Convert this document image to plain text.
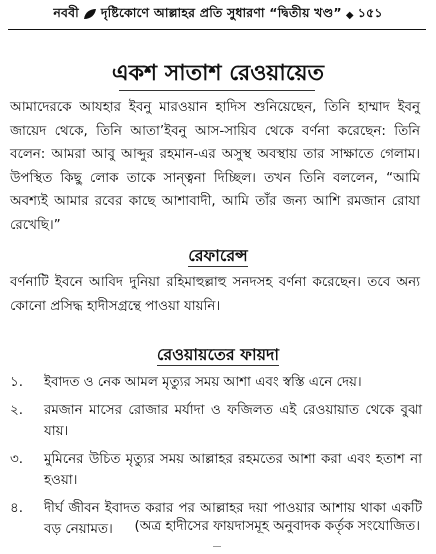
নববী দৃষ্টিকোণে আল্লাহর প্রতি সুধারণা “দ্বিতীয় খণ্ড” ◆ ১৫১
একশ সাতাশ রেওয়ায়েত

আমাদেরকে আযহার ইবনু মারওয়ান হাদিস শুনিয়েছেন, তিনি হাম্মাদ ইবনু জায়েদ থেকে, তিনি আতা’ইবনু আস-সায়িব থেকে বর্ণনা করেছেন: তিনি বলেন: আমরা আবু আব্দুর রহমান-এর অসুস্থ অবস্থায় তার সাক্ষাতে গেলাম। উপস্থিত কিছু লোক তাকে সান্ত্বনা দিচ্ছিল। তখন তিনি বললেন, “আমি অবশ্যই আমার রবের কাছে আশাবাদী, আমি তাঁর জন্য আশি রমজান রোযা রেখেছি।”

রেফারেন্স

বর্ণনাটি ইবনে আবিদ দুনিয়া রহিমাহুল্লাহু সনদসহ বর্ণনা করেছেন। তবে অন্য কোনো প্রসিদ্ধ হাদীসগ্রন্থে পাওয়া যায়নি।

রেওয়ায়তের ফায়দা
১.	ইবাদত ও নেক আমল মৃত্যুর সময় আশা এবং স্বস্তি এনে দেয়।
২.	রমজান মাসের রোজার মর্যাদা ও ফজিলত এই রেওয়ায়াত থেকে বুঝা যায়।
৩.	মুমিনের উচিত মৃত্যুর সময় আল্লাহর রহমতের আশা করা এবং হতাশ না হওয়া।
৪.	দীর্ঘ জীবন ইবাদত করার পর আল্লাহর দয়া পাওয়ার আশায় থাকা একটি বড় নেয়ামত।	(অত্র হাদীসের ফায়দাসমূহ অনুবাদক কর্তৃক সংযোজিত।
